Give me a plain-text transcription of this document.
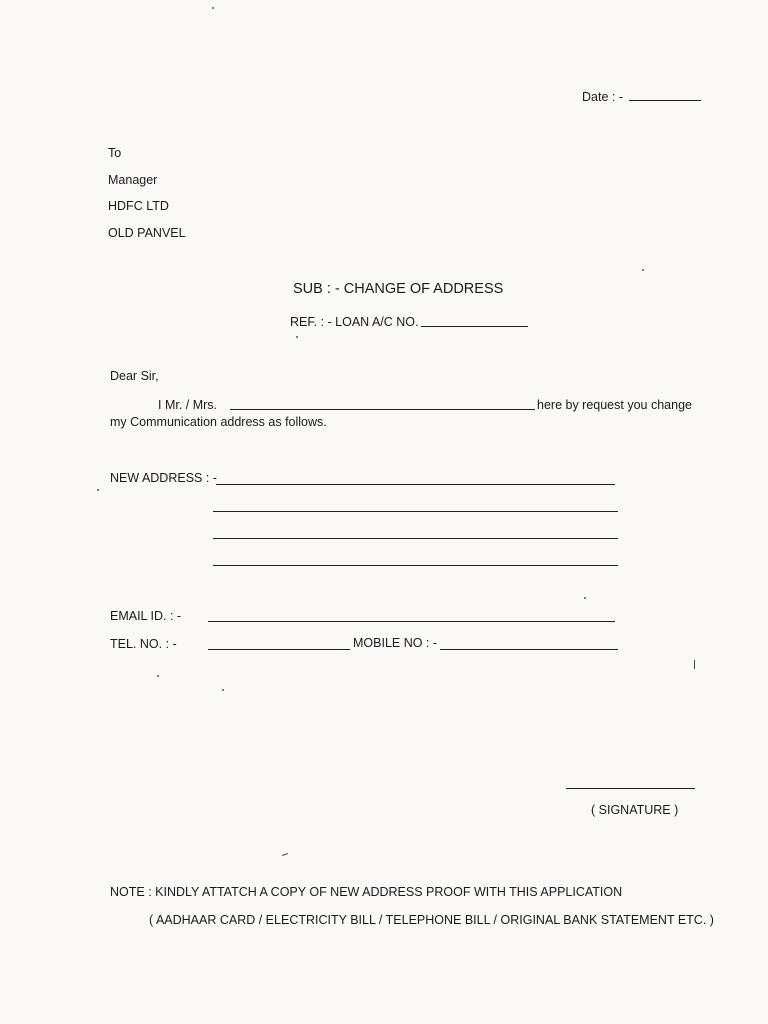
Date : -
To
Manager
HDFC LTD
OLD PANVEL
SUB : - CHANGE OF ADDRESS
REF. : - LOAN A/C NO.
Dear Sir,
I Mr. / Mrs.	here by request you change
my Communication address as follows.
NEW ADDRESS : -
EMAIL ID. : -
TEL. NO. : -	MOBILE NO : -
( SIGNATURE )
NOTE : KINDLY ATTATCH A COPY OF NEW ADDRESS PROOF WITH THIS APPLICATION
( AADHAAR CARD / ELECTRICITY BILL / TELEPHONE BILL / ORIGINAL BANK STATEMENT ETC. )
